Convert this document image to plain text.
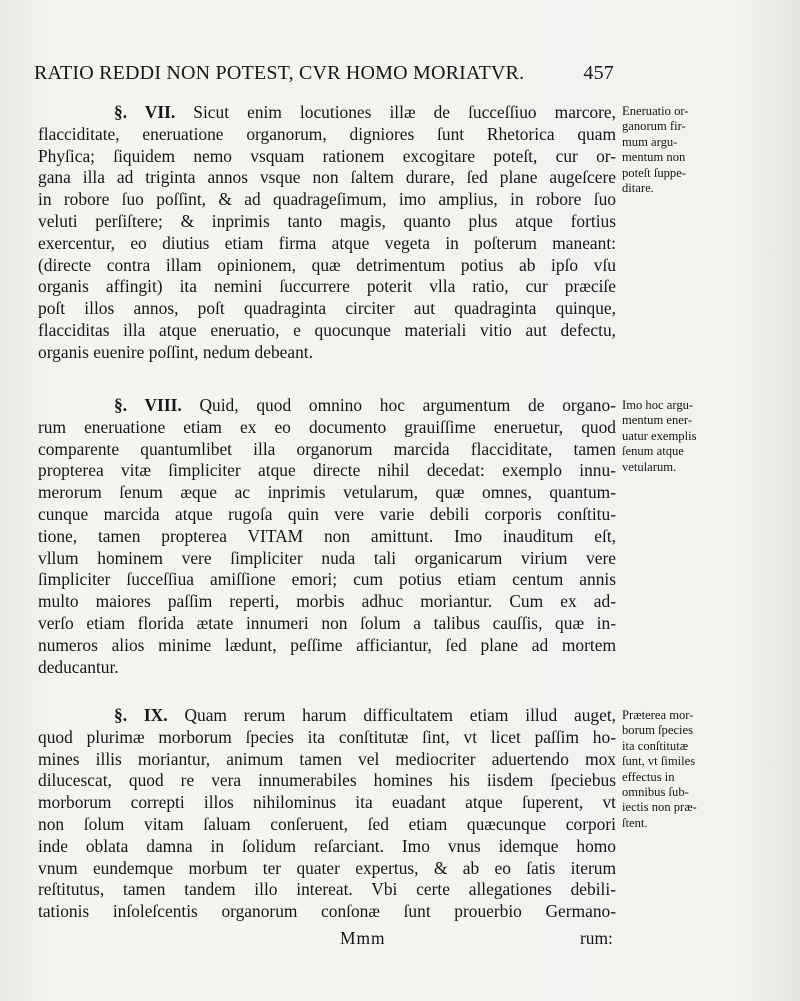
RATIO REDDI NON POTEST, CVR HOMO MORIATVR.	457
§. VII. Sicut enim locutiones illæ de ſucceſſiuo marcore,
flacciditate, eneruatione organorum, digniores ſunt Rhetorica quam
Phyſica; ſiquidem nemo vsquam rationem excogitare poteſt, cur or-
gana illa ad triginta annos vsque non ſaltem durare, ſed plane augeſcere
in robore ſuo poſſint, & ad quadrageſimum, imo amplius, in robore ſuo
veluti perſiſtere; & inprimis tanto magis, quanto plus atque fortius
exercentur, eo diutius etiam firma atque vegeta in poſterum maneant:
(directe contra illam opinionem, quæ detrimentum potius ab ipſo vſu
organis affingit) ita nemini ſuccurrere poterit vlla ratio, cur præciſe
poſt illos annos, poſt quadraginta circiter aut quadraginta quinque,
flacciditas illa atque eneruatio, e quocunque materiali vitio aut defectu,
organis euenire poſſint, nedum debeant.
§. VIII. Quid, quod omnino hoc argumentum de organo-
rum eneruatione etiam ex eo documento grauiſſime eneruetur, quod
comparente quantumlibet illa organorum marcida flacciditate, tamen
propterea vitæ ſimpliciter atque directe nihil decedat: exemplo innu-
merorum ſenum æque ac inprimis vetularum, quæ omnes, quantum-
cunque marcida atque rugoſa quin vere varie debili corporis conſtitu-
tione, tamen propterea VITAM non amittunt. Imo inauditum eſt,
vllum hominem vere ſimpliciter nuda tali organicarum virium vere
ſimpliciter ſucceſſiua amiſſione emori; cum potius etiam centum annis
multo maiores paſſim reperti, morbis adhuc moriantur. Cum ex ad-
verſo etiam florida ætate innumeri non ſolum a talibus cauſſis, quæ in-
numeros alios minime lædunt, peſſime afficiantur, ſed plane ad mortem
deducantur.
§. IX. Quam rerum harum difficultatem etiam illud auget,
quod plurimæ morborum ſpecies ita conſtitutæ ſint, vt licet paſſim ho-
mines illis moriantur, animum tamen vel mediocriter aduertendo mox
dilucescat, quod re vera innumerabiles homines his iisdem ſpeciebus
morborum correpti illos nihilominus ita euadant atque ſuperent, vt
non ſolum vitam ſaluam conſeruent, ſed etiam quæcunque corpori
inde oblata damna in ſolidum reſarciant. Imo vnus idemque homo
vnum eundemque morbum ter quater expertus, & ab eo ſatis iterum
reſtitutus, tamen tandem illo intereat. Vbi certe allegationes debili-
tationis inſoleſcentis organorum conſonæ ſunt prouerbio Germano-
Eneruatio or-
ganorum fir-
mum argu-
mentum non
poteſt ſuppe-
ditare.
Imo hoc argu-
mentum ener-
uatur exemplis
ſenum atque
vetularum.
Præterea mor-
borum ſpecies
ita conſtitutæ
ſunt, vt ſimiles
effectus in
omnibus ſub-
iectis non præ-
ſtent.
Mmm	rum:
